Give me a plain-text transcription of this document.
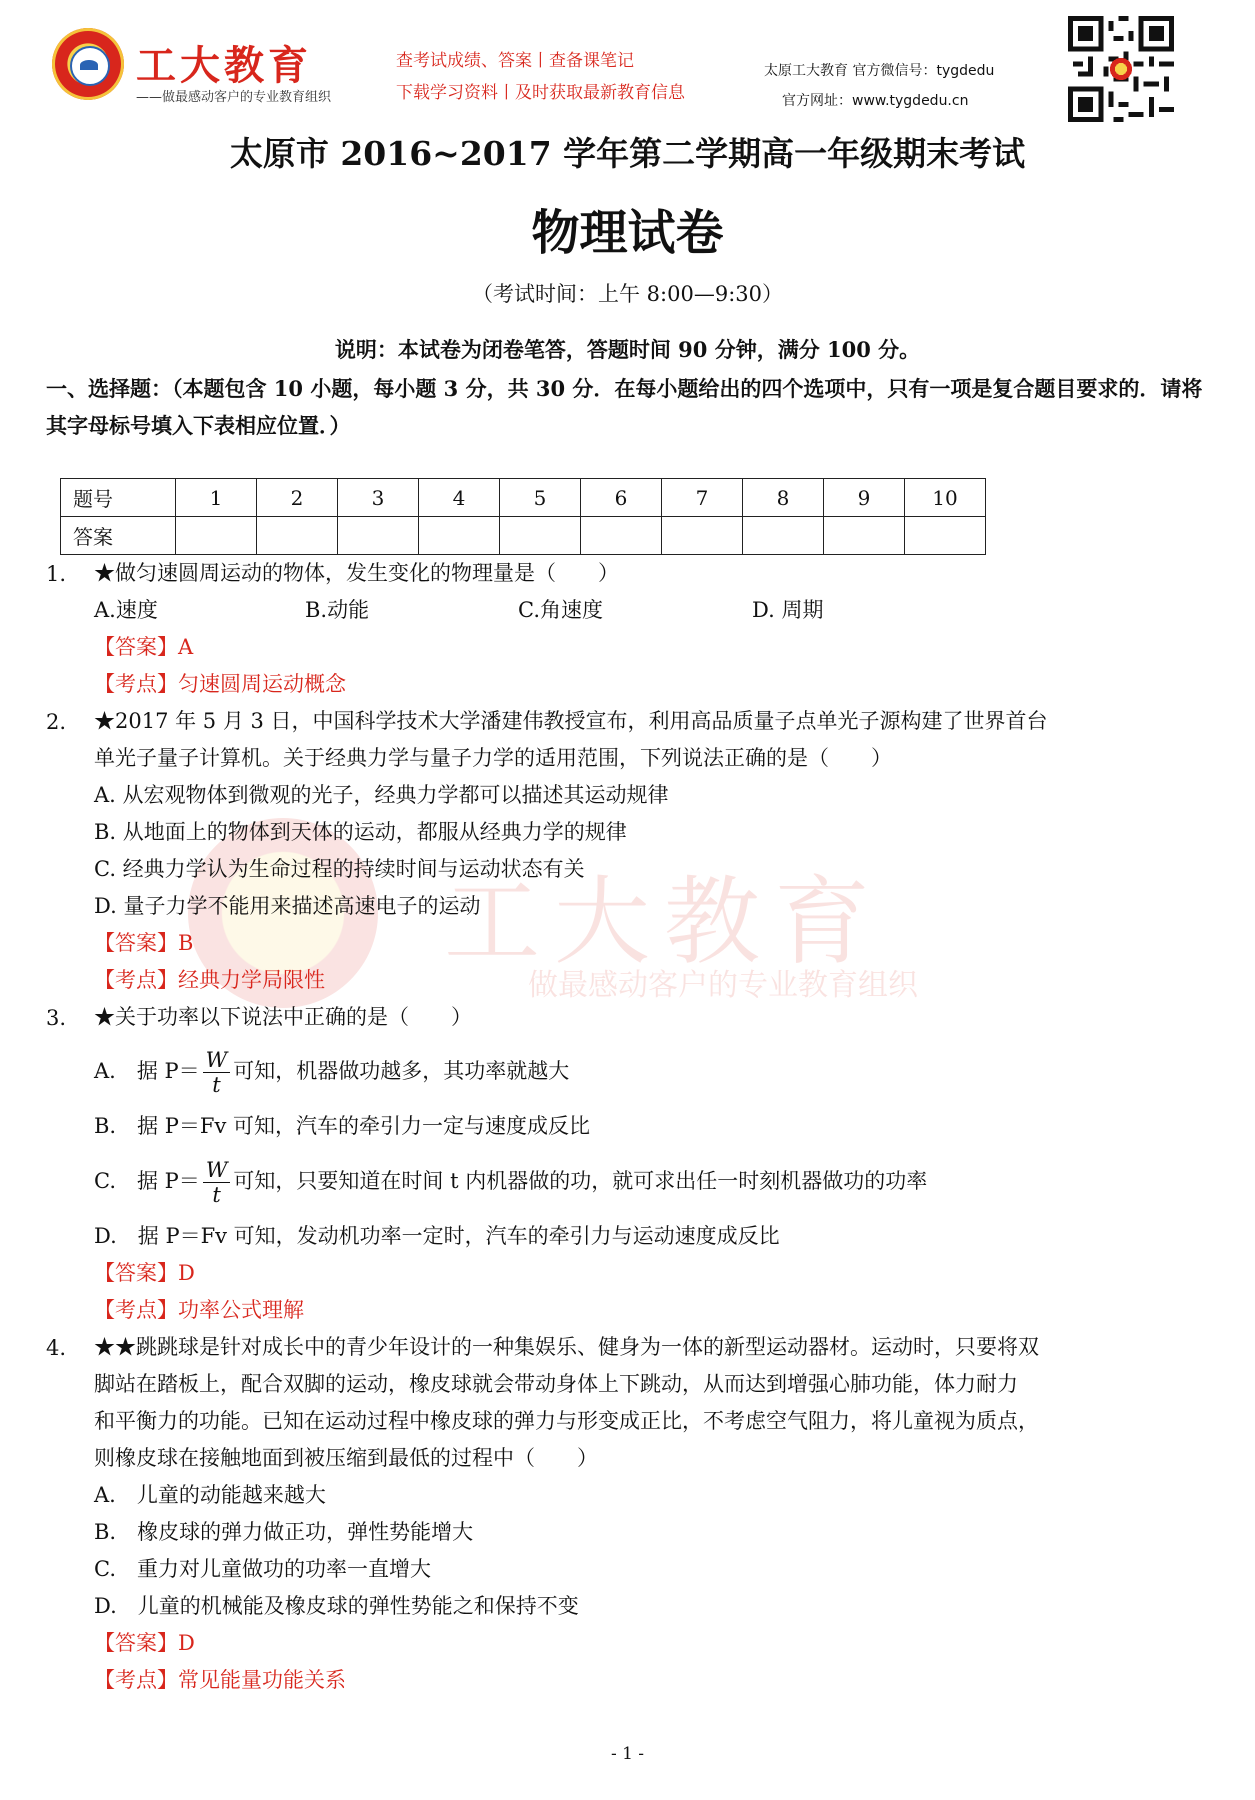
工大教育
——做最感动客户的专业教育组织
查考试成绩、答案丨查备课笔记
下载学习资料丨及时获取最新教育信息
太原工大教育 官方微信号：tygdedu
官方网址：www.tygdedu.cn
太原市 2016~2017 学年第二学期高一年级期末考试
物理试卷
（考试时间：上午 8:00—9:30）
说明：本试卷为闭卷笔答，答题时间 90 分钟，满分 100 分。
一、选择题：（本题包含 10 小题，每小题 3 分，共 30 分．在每小题给出的四个选项中，只有一项是复合题目要求的．请将其字母标号填入下表相应位置．）
题号	1	2	3	4	5	6	7	8	9	10
答案										
工大教育
做最感动客户的专业教育组织
1. ★做匀速圆周运动的物体，发生变化的物理量是（　　）
A.速度	B.动能	C.角速度	D. 周期
【答案】A
【考点】匀速圆周运动概念
2. ★2017 年 5 月 3 日，中国科学技术大学潘建伟教授宣布，利用高品质量子点单光子源构建了世界首台
单光子量子计算机。关于经典力学与量子力学的适用范围，下列说法正确的是（　　）
A. 从宏观物体到微观的光子，经典力学都可以描述其运动规律
B. 从地面上的物体到天体的运动，都服从经典力学的规律
C. 经典力学认为生命过程的持续时间与运动状态有关
D. 量子力学不能用来描述高速电子的运动
【答案】B
【考点】经典力学局限性
3. ★关于功率以下说法中正确的是（　　）
A.　据 $P= \frac{W}{t}$ 可知，机器做功越多，其功率就越大
B.　据 P＝Fv 可知，汽车的牵引力一定与速度成反比
C.　据 $P= \frac{W}{t}$ 可知，只要知道在时间 t 内机器做的功，就可求出任一时刻机器做功的功率
D.　据 P＝Fv 可知，发动机功率一定时，汽车的牵引力与运动速度成反比
【答案】D
【考点】功率公式理解
4. ★★跳跳球是针对成长中的青少年设计的一种集娱乐、健身为一体的新型运动器材。运动时，只要将双
脚站在踏板上，配合双脚的运动，橡皮球就会带动身体上下跳动，从而达到增强心肺功能，体力耐力
和平衡力的功能。已知在运动过程中橡皮球的弹力与形变成正比，不考虑空气阻力，将儿童视为质点，
则橡皮球在接触地面到被压缩到最低的过程中（　　）
A.　儿童的动能越来越大
B.　橡皮球的弹力做正功，弹性势能增大
C.　重力对儿童做功的功率一直增大
D.　儿童的机械能及橡皮球的弹性势能之和保持不变
【答案】D
【考点】常见能量功能关系
- 1 -
